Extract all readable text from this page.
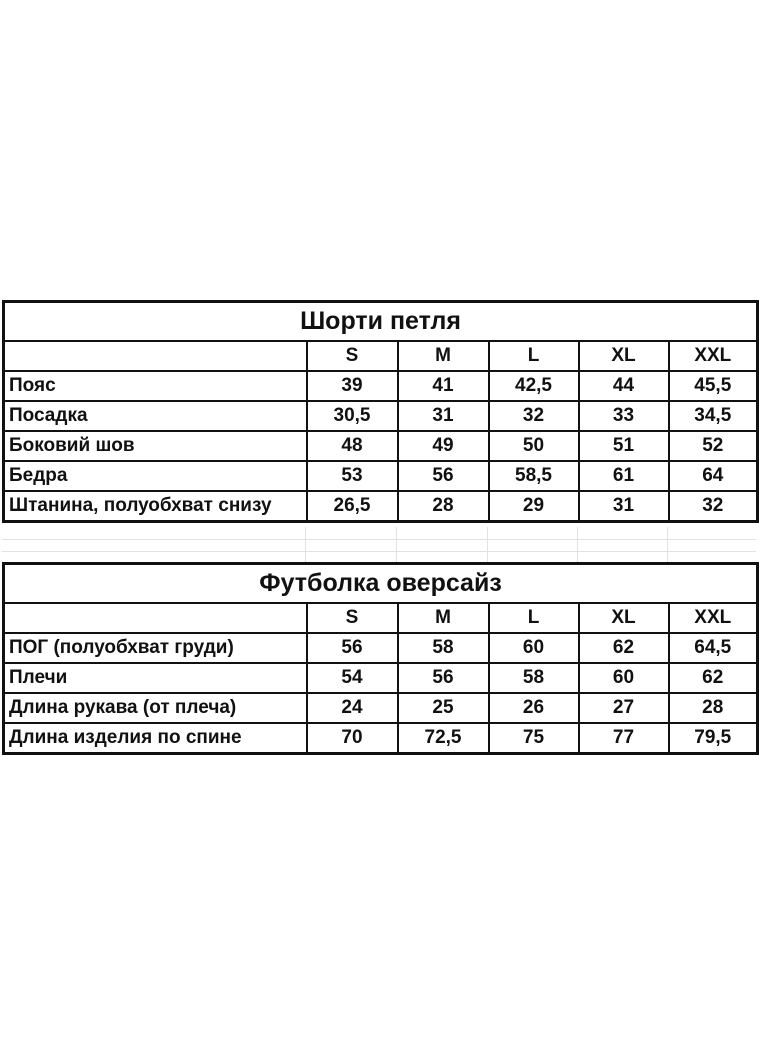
Шорти петля					
	S	M	L	XL	XXL
Пояс	39	41	42,5	44	45,5
Посадка	30,5	31	32	33	34,5
Боковий шов	48	49	50	51	52
Бедра	53	56	58,5	61	64
Штанина, полуобхват снизу	26,5	28	29	31	32
Футболка оверсайз					
	S	M	L	XL	XXL
ПОГ (полуобхват груди)	56	58	60	62	64,5
Плечи	54	56	58	60	62
Длина рукава (от плеча)	24	25	26	27	28
Длина изделия по спине	70	72,5	75	77	79,5
